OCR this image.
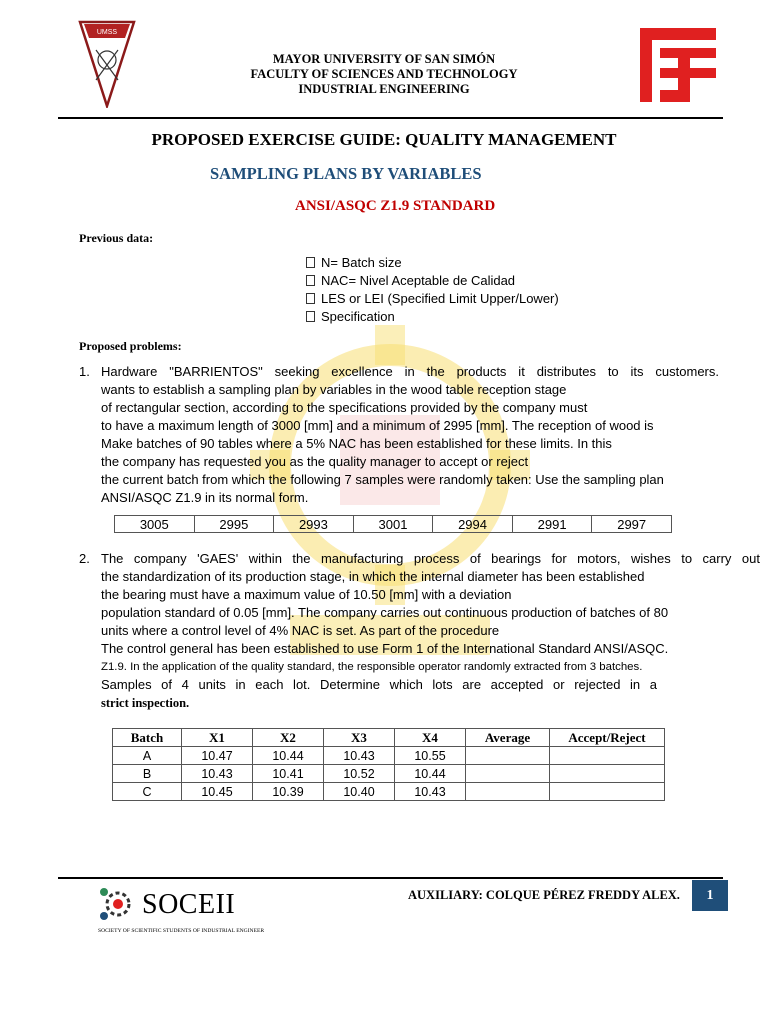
UMSS
MAYOR UNIVERSITY OF SAN SIMÓN
FACULTY OF SCIENCES AND TECHNOLOGY
INDUSTRIAL ENGINEERING
PROPOSED EXERCISE GUIDE: QUALITY MANAGEMENT
SAMPLING PLANS BY VARIABLES
ANSI/ASQC Z1.9 STANDARD
Previous data:
N= Batch size
NAC= Nivel Aceptable de Calidad
LES or LEI (Specified Limit Upper/Lower)
Specification
Proposed problems:
1. Hardware "BARRIENTOS" seeking excellence in the products it distributes to its customers.
wants to establish a sampling plan by variables in the wood table reception stage
of rectangular section, according to the specifications provided by the company must
to have a maximum length of 3000 [mm] and a minimum of 2995 [mm]. The reception of wood is
Make batches of 90 tables where a 5% NAC has been established for these limits. In this
the company has requested you as the quality manager to accept or reject
the current batch from which the following 7 samples were randomly taken: Use the sampling plan
ANSI/ASQC Z1.9 in its normal form.
3005	2995	2993	3001	2994	2991	2997
2. The company 'GAES' within the manufacturing process of bearings for motors, wishes to carry out
the standardization of its production stage, in which the internal diameter has been established
the bearing must have a maximum value of 10.50 [mm] with a deviation
population standard of 0.05 [mm]. The company carries out continuous production of batches of 80
units where a control level of 4% NAC is set. As part of the procedure
The control general has been established to use Form 1 of the International Standard ANSI/ASQC.
Z1.9. In the application of the quality standard, the responsible operator randomly extracted from 3 batches.
Samples of 4 units in each lot. Determine which lots are accepted or rejected in a
strict inspection.
Batch	X1	X2	X3	X4	Average	Accept/Reject
A	10.47	10.44	10.43	10.55		
B	10.43	10.41	10.52	10.44		
C	10.45	10.39	10.40	10.43		
SOCEII
SOCIETY OF SCIENTIFIC STUDENTS OF INDUSTRIAL ENGINEER
AUXILIARY: COLQUE PÉREZ FREDDY ALEX.	1
